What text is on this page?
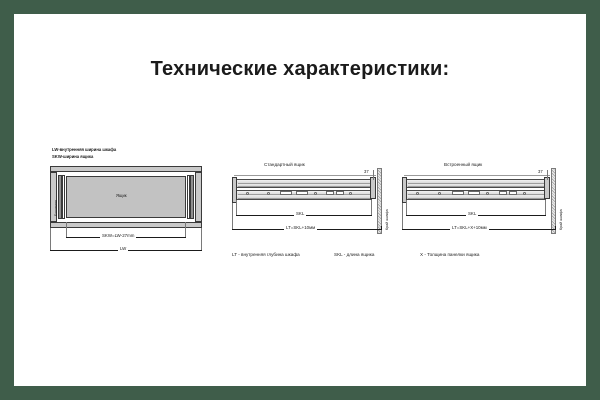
Технические характеристики:
LW-внутренняя ширина шкафа
SKW-ширина ящика
Ящик
Боковина
SKW=LW-27mm
LW
Стандартный ящик
37
Край шкафа
SKL
LT=SKL+10мм
LT - внутренняя глубина шкафа	SKL - длина ящика
Встроенный ящик
37
Край шкафа
SKL
LT=SKL+X+10мм
X - Толщина панелки ящика
